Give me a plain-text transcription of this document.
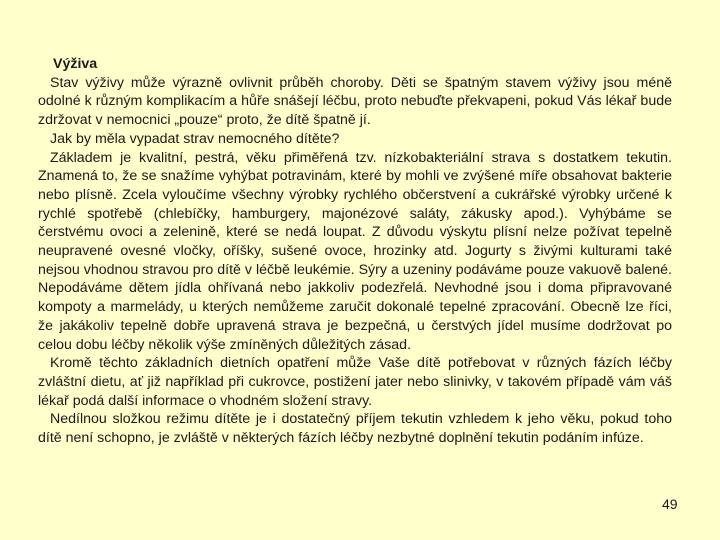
Výživa

Stav výživy může výrazně ovlivnit průběh choroby. Děti se špatným stavem výživy jsou méně odolné k různým komplikacím a hůře snášejí léčbu, proto nebuďte překvapeni, pokud Vás lékař bude zdržovat v nemocnici „pouze“ proto, že dítě špatně jí.

Jak by měla vypadat strav nemocného dítěte?

Základem je kvalitní, pestrá, věku přiměřená tzv. nízkobakteriální strava s dostatkem tekutin. Znamená to, že se snažíme vyhýbat potravinám, které by mohli ve zvýšené míře obsahovat bakterie nebo plísně. Zcela vyloučíme všechny výrobky rychlého občerstvení a cukrářské výrobky určené k rychlé spotřebě (chlebíčky, hamburgery, majonézové saláty, zákusky apod.). Vyhýbáme se čerstvému ovoci a zelenině, které se nedá loupat. Z důvodu výskytu plísní nelze požívat tepelně neupravené ovesné vločky, oříšky, sušené ovoce, hrozinky atd. Jogurty s živými kulturami také nejsou vhodnou stravou pro dítě v léčbě leukémie. Sýry a uzeniny podáváme pouze vakuově balené. Nepodáváme dětem jídla ohřívaná nebo jakkoliv podezřelá. Nevhodné jsou i doma připravované kompoty a marmelády, u kterých nemůžeme zaručit dokonalé tepelné zpracování. Obecně lze říci, že jakákoliv tepelně dobře upravená strava je bezpečná, u čerstvých jídel musíme dodržovat po celou dobu léčby několik výše zmíněných důležitých zásad.

Kromě těchto základních dietních opatření může Vaše dítě potřebovat v různých fázích léčby zvláštní dietu, ať již například při cukrovce, postižení jater nebo slinivky, v takovém případě vám váš lékař podá další informace o vhodném složení stravy.

Nedílnou složkou režimu dítěte je i dostatečný příjem tekutin vzhledem k jeho věku, pokud toho dítě není schopno, je zvláště v některých fázích léčby nezbytné doplnění tekutin podáním infúze.

49
